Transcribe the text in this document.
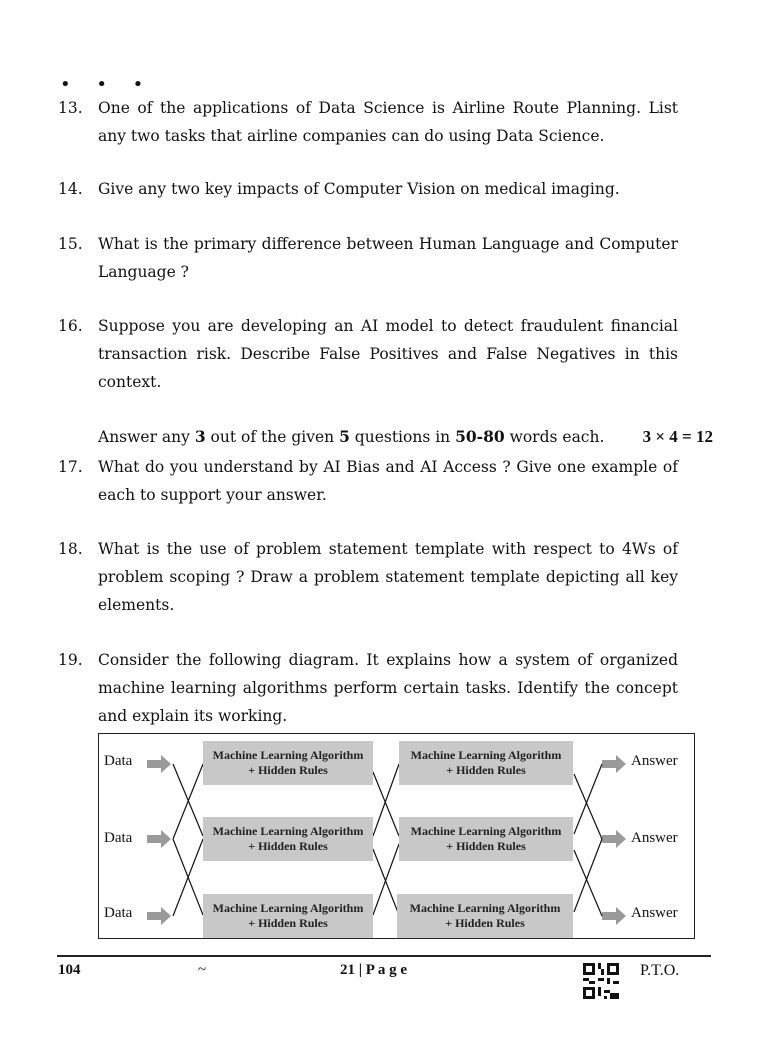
• • •
13. One of the applications of Data Science is Airline Route Planning. List any two tasks that airline companies can do using Data Science.
14. Give any two key impacts of Computer Vision on medical imaging.
15. What is the primary difference between Human Language and Computer Language ?
16. Suppose you are developing an AI model to detect fraudulent financial transaction risk. Describe False Positives and False Negatives in this context.
Answer any 3 out of the given 5 questions in 50-80 words each. 3 × 4 = 12
17. What do you understand by AI Bias and AI Access ? Give one example of each to support your answer.
18. What is the use of problem statement template with respect to 4Ws of problem scoping ? Draw a problem statement template depicting all key elements.
19. Consider the following diagram. It explains how a system of organized machine learning algorithms perform certain tasks. Identify the concept and explain its working.
Data
Data
Data
Machine Learning Algorithm
+ Hidden Rules
Machine Learning Algorithm
+ Hidden Rules
Machine Learning Algorithm
+ Hidden Rules
Machine Learning Algorithm
+ Hidden Rules
Machine Learning Algorithm
+ Hidden Rules
Machine Learning Algorithm
+ Hidden Rules
Answer
Answer
Answer
104	~	21 | P a g e	P.T.O.
